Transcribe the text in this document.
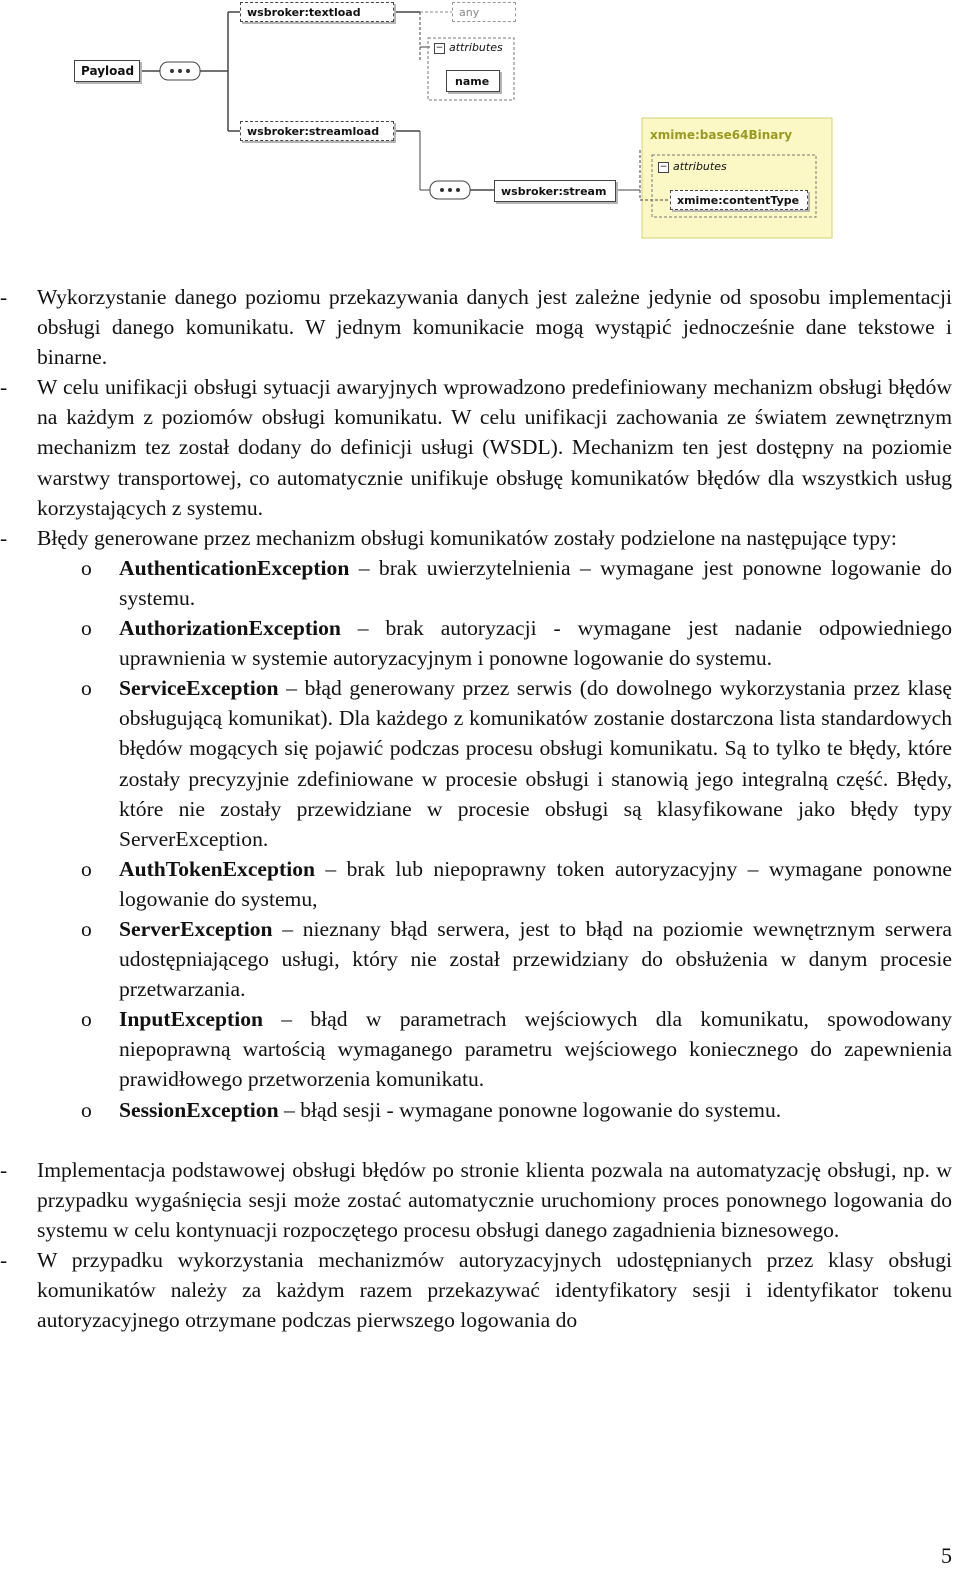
wsbroker:textload	any
Payload
− attributes
name
wsbroker:streamload	xmime:base64Binary
wsbroker:stream
− attributes
xmime:contentType
- Wykorzystanie danego poziomu przekazywania danych jest zależne jedynie od sposobu implementacji obsługi danego komunikatu. W jednym komunikacie mogą wystąpić jednocześnie dane tekstowe i binarne.
- W celu unifikacji obsługi sytuacji awaryjnych wprowadzono predefiniowany mechanizm obsługi błędów na każdym z poziomów obsługi komunikatu. W celu unifikacji zachowania ze światem zewnętrznym mechanizm tez został dodany do definicji usługi (WSDL). Mechanizm ten jest dostępny na poziomie warstwy transportowej, co automatycznie unifikuje obsługę komunikatów błędów dla wszystkich usług korzystających z systemu.
- Błędy generowane przez mechanizm obsługi komunikatów zostały podzielone na następujące typy:
o AuthenticationException – brak uwierzytelnienia – wymagane jest ponowne logowanie do systemu.
o AuthorizationException – brak autoryzacji - wymagane jest nadanie odpowiedniego uprawnienia w systemie autoryzacyjnym i ponowne logowanie do systemu.
o ServiceException – błąd generowany przez serwis (do dowolnego wykorzystania przez klasę obsługującą komunikat). Dla każdego z komunikatów zostanie dostarczona lista standardowych błędów mogących się pojawić podczas procesu obsługi komunikatu. Są to tylko te błędy, które zostały precyzyjnie zdefiniowane w procesie obsługi i stanowią jego integralną część. Błędy, które nie zostały przewidziane w procesie obsługi są klasyfikowane jako błędy typy ServerException.
o AuthTokenException – brak lub niepoprawny token autoryzacyjny – wymagane ponowne logowanie do systemu,
o ServerException – nieznany błąd serwera, jest to błąd na poziomie wewnętrznym serwera udostępniającego usługi, który nie został przewidziany do obsłużenia w danym procesie przetwarzania.
o InputException – błąd w parametrach wejściowych dla komunikatu, spowodowany niepoprawną wartością wymaganego parametru wejściowego koniecznego do zapewnienia prawidłowego przetworzenia komunikatu.
o SessionException – błąd sesji - wymagane ponowne logowanie do systemu.
- Implementacja podstawowej obsługi błędów po stronie klienta pozwala na automatyzację obsługi, np. w przypadku wygaśnięcia sesji może zostać automatycznie uruchomiony proces ponownego logowania do systemu w celu kontynuacji rozpoczętego procesu obsługi danego zagadnienia biznesowego.
- W przypadku wykorzystania mechanizmów autoryzacyjnych udostępnianych przez klasy obsługi komunikatów należy za każdym razem przekazywać identyfikatory sesji i identyfikator tokenu autoryzacyjnego otrzymane podczas pierwszego logowania do
5
